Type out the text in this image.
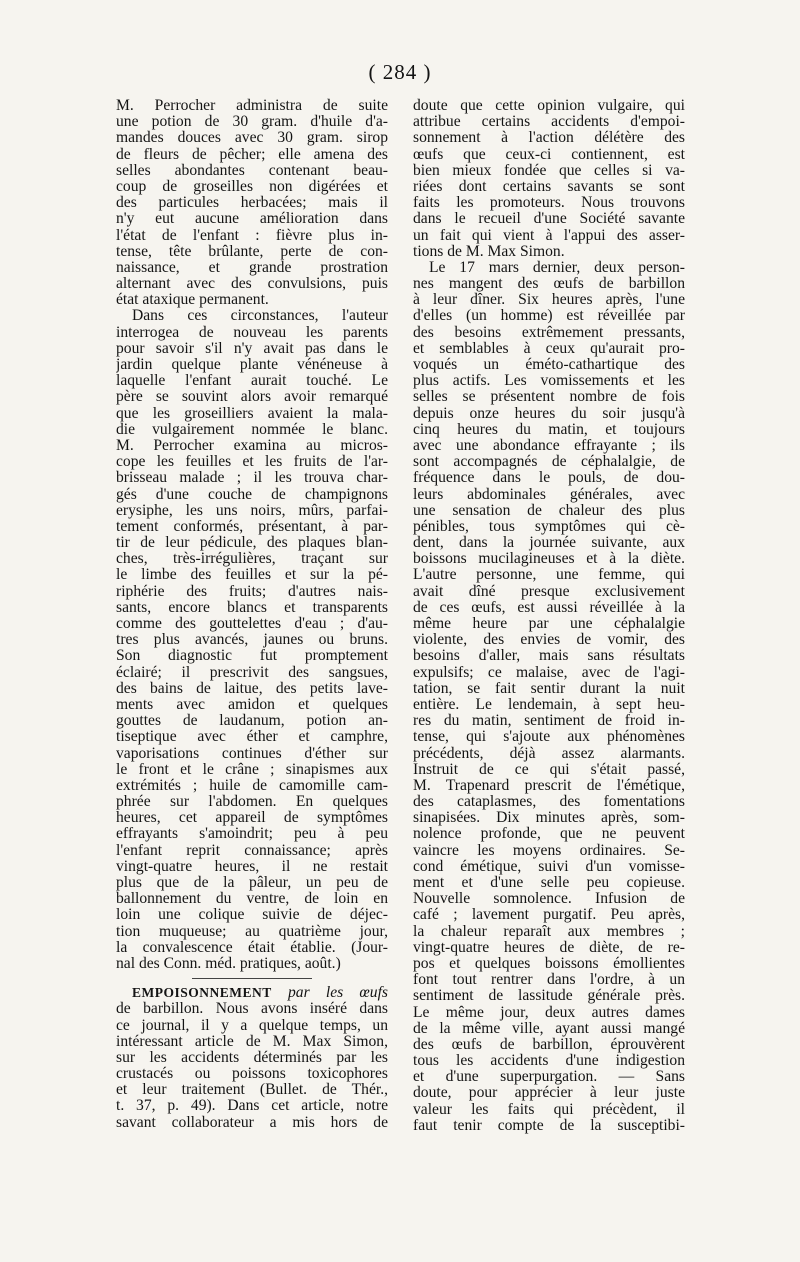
( 284 )
M. Perrocher administra de suite
une potion de 30 gram. d'huile d'a-
mandes douces avec 30 gram. sirop
de fleurs de pêcher; elle amena des
selles abondantes contenant beau-
coup de groseilles non digérées et
des particules herbacées; mais il
n'y eut aucune amélioration dans
l'état de l'enfant : fièvre plus in-
tense, tête brûlante, perte de con-
naissance, et grande prostration
alternant avec des convulsions, puis
état ataxique permanent.
Dans ces circonstances, l'auteur
interrogea de nouveau les parents
pour savoir s'il n'y avait pas dans le
jardin quelque plante vénéneuse à
laquelle l'enfant aurait touché. Le
père se souvint alors avoir remarqué
que les groseilliers avaient la mala-
die vulgairement nommée le blanc.
M. Perrocher examina au micros-
cope les feuilles et les fruits de l'ar-
brisseau malade ; il les trouva char-
gés d'une couche de champignons
erysiphe, les uns noirs, mûrs, parfai-
tement conformés, présentant, à par-
tir de leur pédicule, des plaques blan-
ches, très-irrégulières, traçant sur
le limbe des feuilles et sur la pé-
riphérie des fruits; d'autres nais-
sants, encore blancs et transparents
comme des gouttelettes d'eau ; d'au-
tres plus avancés, jaunes ou bruns.
Son diagnostic fut promptement
éclairé; il prescrivit des sangsues,
des bains de laitue, des petits lave-
ments avec amidon et quelques
gouttes de laudanum, potion an-
tiseptique avec éther et camphre,
vaporisations continues d'éther sur
le front et le crâne ; sinapismes aux
extrémités ; huile de camomille cam-
phrée sur l'abdomen. En quelques
heures, cet appareil de symptômes
effrayants s'amoindrit; peu à peu
l'enfant reprit connaissance; après
vingt-quatre heures, il ne restait
plus que de la pâleur, un peu de
ballonnement du ventre, de loin en
loin une colique suivie de déjec-
tion muqueuse; au quatrième jour,
la convalescence était établie. (Jour-
nal des Conn. méd. pratiques, août.)
EMPOISONNEMENT par les œufs
de barbillon. Nous avons inséré dans
ce journal, il y a quelque temps, un
intéressant article de M. Max Simon,
sur les accidents déterminés par les
crustacés ou poissons toxicophores
et leur traitement (Bullet. de Thér.,
t. 37, p. 49). Dans cet article, notre
savant collaborateur a mis hors de
doute que cette opinion vulgaire, qui
attribue certains accidents d'empoi-
sonnement à l'action délétère des
œufs que ceux-ci contiennent, est
bien mieux fondée que celles si va-
riées dont certains savants se sont
faits les promoteurs. Nous trouvons
dans le recueil d'une Société savante
un fait qui vient à l'appui des asser-
tions de M. Max Simon.
Le 17 mars dernier, deux person-
nes mangent des œufs de barbillon
à leur dîner. Six heures après, l'une
d'elles (un homme) est réveillée par
des besoins extrêmement pressants,
et semblables à ceux qu'aurait pro-
voqués un éméto-cathartique des
plus actifs. Les vomissements et les
selles se présentent nombre de fois
depuis onze heures du soir jusqu'à
cinq heures du matin, et toujours
avec une abondance effrayante ; ils
sont accompagnés de céphalalgie, de
fréquence dans le pouls, de dou-
leurs abdominales générales, avec
une sensation de chaleur des plus
pénibles, tous symptômes qui cè-
dent, dans la journée suivante, aux
boissons mucilagineuses et à la diète.
L'autre personne, une femme, qui
avait dîné presque exclusivement
de ces œufs, est aussi réveillée à la
même heure par une céphalalgie
violente, des envies de vomir, des
besoins d'aller, mais sans résultats
expulsifs; ce malaise, avec de l'agi-
tation, se fait sentir durant la nuit
entière. Le lendemain, à sept heu-
res du matin, sentiment de froid in-
tense, qui s'ajoute aux phénomènes
précédents, déjà assez alarmants.
Instruit de ce qui s'était passé,
M. Trapenard prescrit de l'émétique,
des cataplasmes, des fomentations
sinapisées. Dix minutes après, som-
nolence profonde, que ne peuvent
vaincre les moyens ordinaires. Se-
cond émétique, suivi d'un vomisse-
ment et d'une selle peu copieuse.
Nouvelle somnolence. Infusion de
café ; lavement purgatif. Peu après,
la chaleur reparaît aux membres ;
vingt-quatre heures de diète, de re-
pos et quelques boissons émollientes
font tout rentrer dans l'ordre, à un
sentiment de lassitude générale près.
Le même jour, deux autres dames
de la même ville, ayant aussi mangé
des œufs de barbillon, éprouvèrent
tous les accidents d'une indigestion
et d'une superpurgation. — Sans
doute, pour apprécier à leur juste
valeur les faits qui précèdent, il
faut tenir compte de la susceptibi-
